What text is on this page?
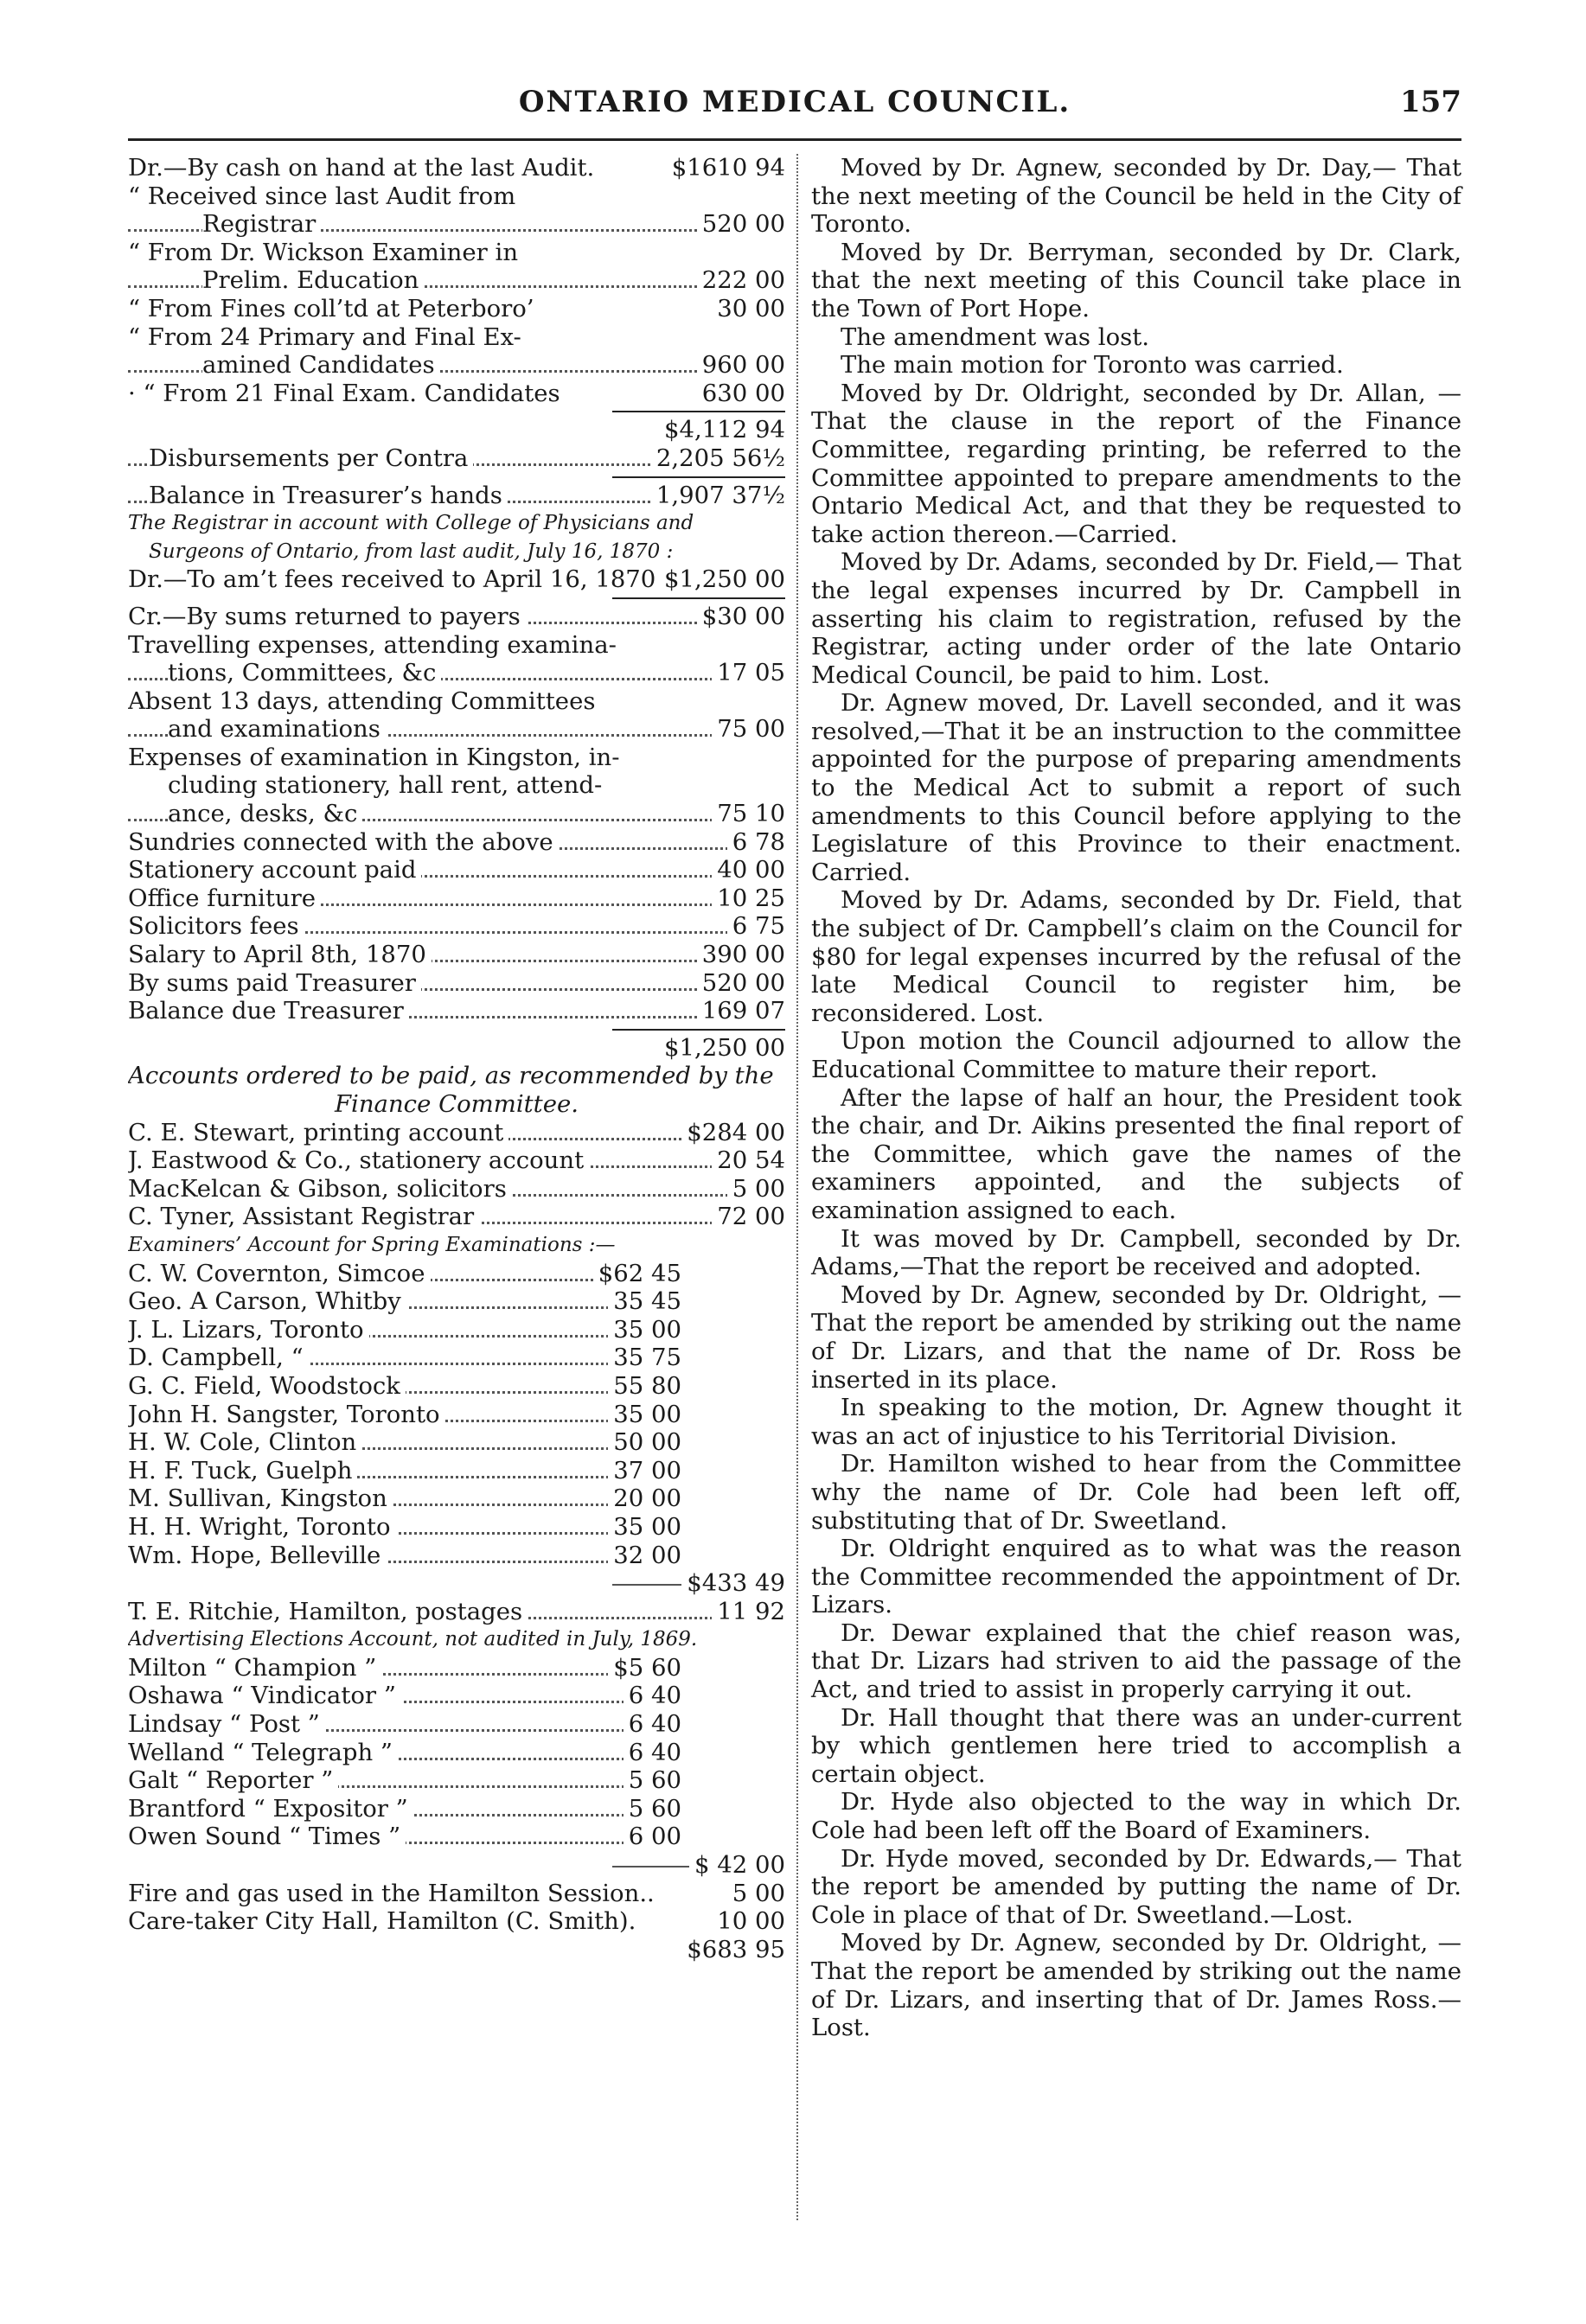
ONTARIO MEDICAL COUNCIL.	157
Dr.—By cash on hand at the last Audit.	$1610 94
“ Received since last Audit from
Registrar	520 00
“ From Dr. Wickson Examiner in
Prelim. Education	222 00
“ From Fines coll’td at Peterboro’	30 00
“ From 24 Primary and Final Ex-
amined Candidates	960 00
· “ From 21 Final Exam. Candidates	630 00
$4,112 94
Disbursements per Contra	2,205 56½
Balance in Treasurer’s hands	1,907 37½
The Registrar in account with College of Physicians and
Surgeons of Ontario, from last audit, July 16, 1870 :
Dr.—To am’t fees received to April 16, 1870 $1,250 00
Cr.—By sums returned to payers	$30 00
Travelling expenses, attending examina-
tions, Committees, &c	17 05
Absent 13 days, attending Committees
and examinations	75 00
Expenses of examination in Kingston, in-
cluding stationery, hall rent, attend-
ance, desks, &c	75 10
Sundries connected with the above	6 78
Stationery account paid	40 00
Office furniture	10 25
Solicitors fees	6 75
Salary to April 8th, 1870	390 00
By sums paid Treasurer	520 00
Balance due Treasurer	169 07
$1,250 00
Accounts ordered to be paid, as recommended by the
Finance Committee.
C. E. Stewart, printing account	$284 00
J. Eastwood & Co., stationery account	20 54
MacKelcan & Gibson, solicitors	5 00
C. Tyner, Assistant Registrar	72 00
Examiners’ Account for Spring Examinations :—
C. W. Covernton, Simcoe	$62 45
Geo. A Carson, Whitby	35 45
J. L. Lizars, Toronto	35 00
D. Campbell, “	35 75
G. C. Field, Woodstock	55 80
John H. Sangster, Toronto	35 00
H. W. Cole, Clinton	50 00
H. F. Tuck, Guelph	37 00
M. Sullivan, Kingston	20 00
H. H. Wright, Toronto	35 00
Wm. Hope, Belleville	32 00
$433 49
T. E. Ritchie, Hamilton, postages	11 92
Advertising Elections Account, not audited in July, 1869.
Milton “ Champion ”	$5 60
Oshawa “ Vindicator ”	6 40
Lindsay “ Post ”	6 40
Welland “ Telegraph ”	6 40
Galt “ Reporter ”	5 60
Brantford “ Expositor ”	5 60
Owen Sound “ Times ”	6 00
$ 42 00
Fire and gas used in the Hamilton Session..	5 00
Care-taker City Hall, Hamilton (C. Smith).	10 00
$683 95

Moved by Dr. Agnew, seconded by Dr. Day,— That the next meeting of the Council be held in the City of Toronto.

Moved by Dr. Berryman, seconded by Dr. Clark, that the next meeting of this Council take place in the Town of Port Hope.

The amendment was lost.

The main motion for Toronto was carried.

Moved by Dr. Oldright, seconded by Dr. Allan, —That the clause in the report of the Finance Committee, regarding printing, be referred to the Committee appointed to prepare amendments to the Ontario Medical Act, and that they be requested to take action thereon.—Carried.

Moved by Dr. Adams, seconded by Dr. Field,— That the legal expenses incurred by Dr. Campbell in asserting his claim to registration, refused by the Registrar, acting under order of the late Ontario Medical Council, be paid to him. Lost.

Dr. Agnew moved, Dr. Lavell seconded, and it was resolved,—That it be an instruction to the committee appointed for the purpose of preparing amendments to the Medical Act to submit a report of such amendments to this Council before applying to the Legislature of this Province to their enactment. Carried.

Moved by Dr. Adams, seconded by Dr. Field, that the subject of Dr. Campbell’s claim on the Council for $80 for legal expenses incurred by the refusal of the late Medical Council to register him, be reconsidered. Lost.

Upon motion the Council adjourned to allow the Educational Committee to mature their report.

After the lapse of half an hour, the President took the chair, and Dr. Aikins presented the final report of the Committee, which gave the names of the examiners appointed, and the subjects of examination assigned to each.

It was moved by Dr. Campbell, seconded by Dr. Adams,—That the report be received and adopted.

Moved by Dr. Agnew, seconded by Dr. Oldright, —That the report be amended by striking out the name of Dr. Lizars, and that the name of Dr. Ross be inserted in its place.

In speaking to the motion, Dr. Agnew thought it was an act of injustice to his Territorial Division.

Dr. Hamilton wished to hear from the Committee why the name of Dr. Cole had been left off, substituting that of Dr. Sweetland.

Dr. Oldright enquired as to what was the reason the Committee recommended the appointment of Dr. Lizars.

Dr. Dewar explained that the chief reason was, that Dr. Lizars had striven to aid the passage of the Act, and tried to assist in properly carrying it out.

Dr. Hall thought that there was an under-current by which gentlemen here tried to accomplish a certain object.

Dr. Hyde also objected to the way in which Dr. Cole had been left off the Board of Examiners.

Dr. Hyde moved, seconded by Dr. Edwards,— That the report be amended by putting the name of Dr. Cole in place of that of Dr. Sweetland.—Lost.

Moved by Dr. Agnew, seconded by Dr. Oldright, —That the report be amended by striking out the name of Dr. Lizars, and inserting that of Dr. James Ross.—Lost.
